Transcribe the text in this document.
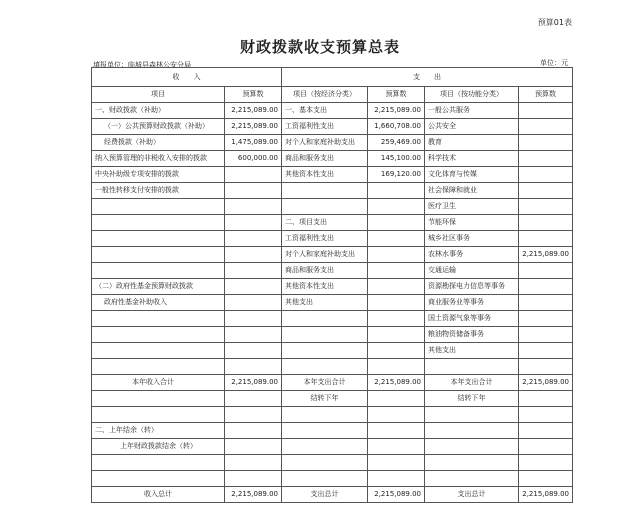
预算01表
财政拨款收支预算总表
填报单位：临城县森林公安分局	单位：元
收　　入		支　　出			
项目	预算数	项目（按经济分类）	预算数	项目（按功能分类）	预算数
一、财政拨款（补助）	2,215,089.00	一、基本支出	2,215,089.00	一般公共服务	
（一）公共预算财政拨款（补助）	2,215,089.00	工资福利性支出	1,660,708.00	公共安全	
经费拨款（补助）	1,475,089.00	对个人和家庭补助支出	259,469.00	教育	
纳入预算管理的非税收入安排的拨款	600,000.00	商品和服务支出	145,100.00	科学技术	
中央补助级专项安排的拨款		其他资本性支出	169,120.00	文化体育与传媒	
一般性转移支付安排的拨款				社会保障和就业	
				医疗卫生	
		二、项目支出		节能环保	
		工资福利性支出		城乡社区事务	
		对个人和家庭补助支出		农林水事务	2,215,089.00
		商品和服务支出		交通运输	
（二）政府性基金预算财政拨款		其他资本性支出		资源勘探电力信息等事务	
政府性基金补助收入		其他支出		商业服务业等事务	
				国土资源气象等事务	
				粮油物资储备事务	
				其他支出	

本年收入合计	2,215,089.00	本年支出合计	2,215,089.00	本年支出合计	2,215,089.00
		结转下年		结转下年	

二、上年结余（转）					
上年财政拨款结余（转）					

收入总计	2,215,089.00	支出总计	2,215,089.00	支出总计	2,215,089.00
